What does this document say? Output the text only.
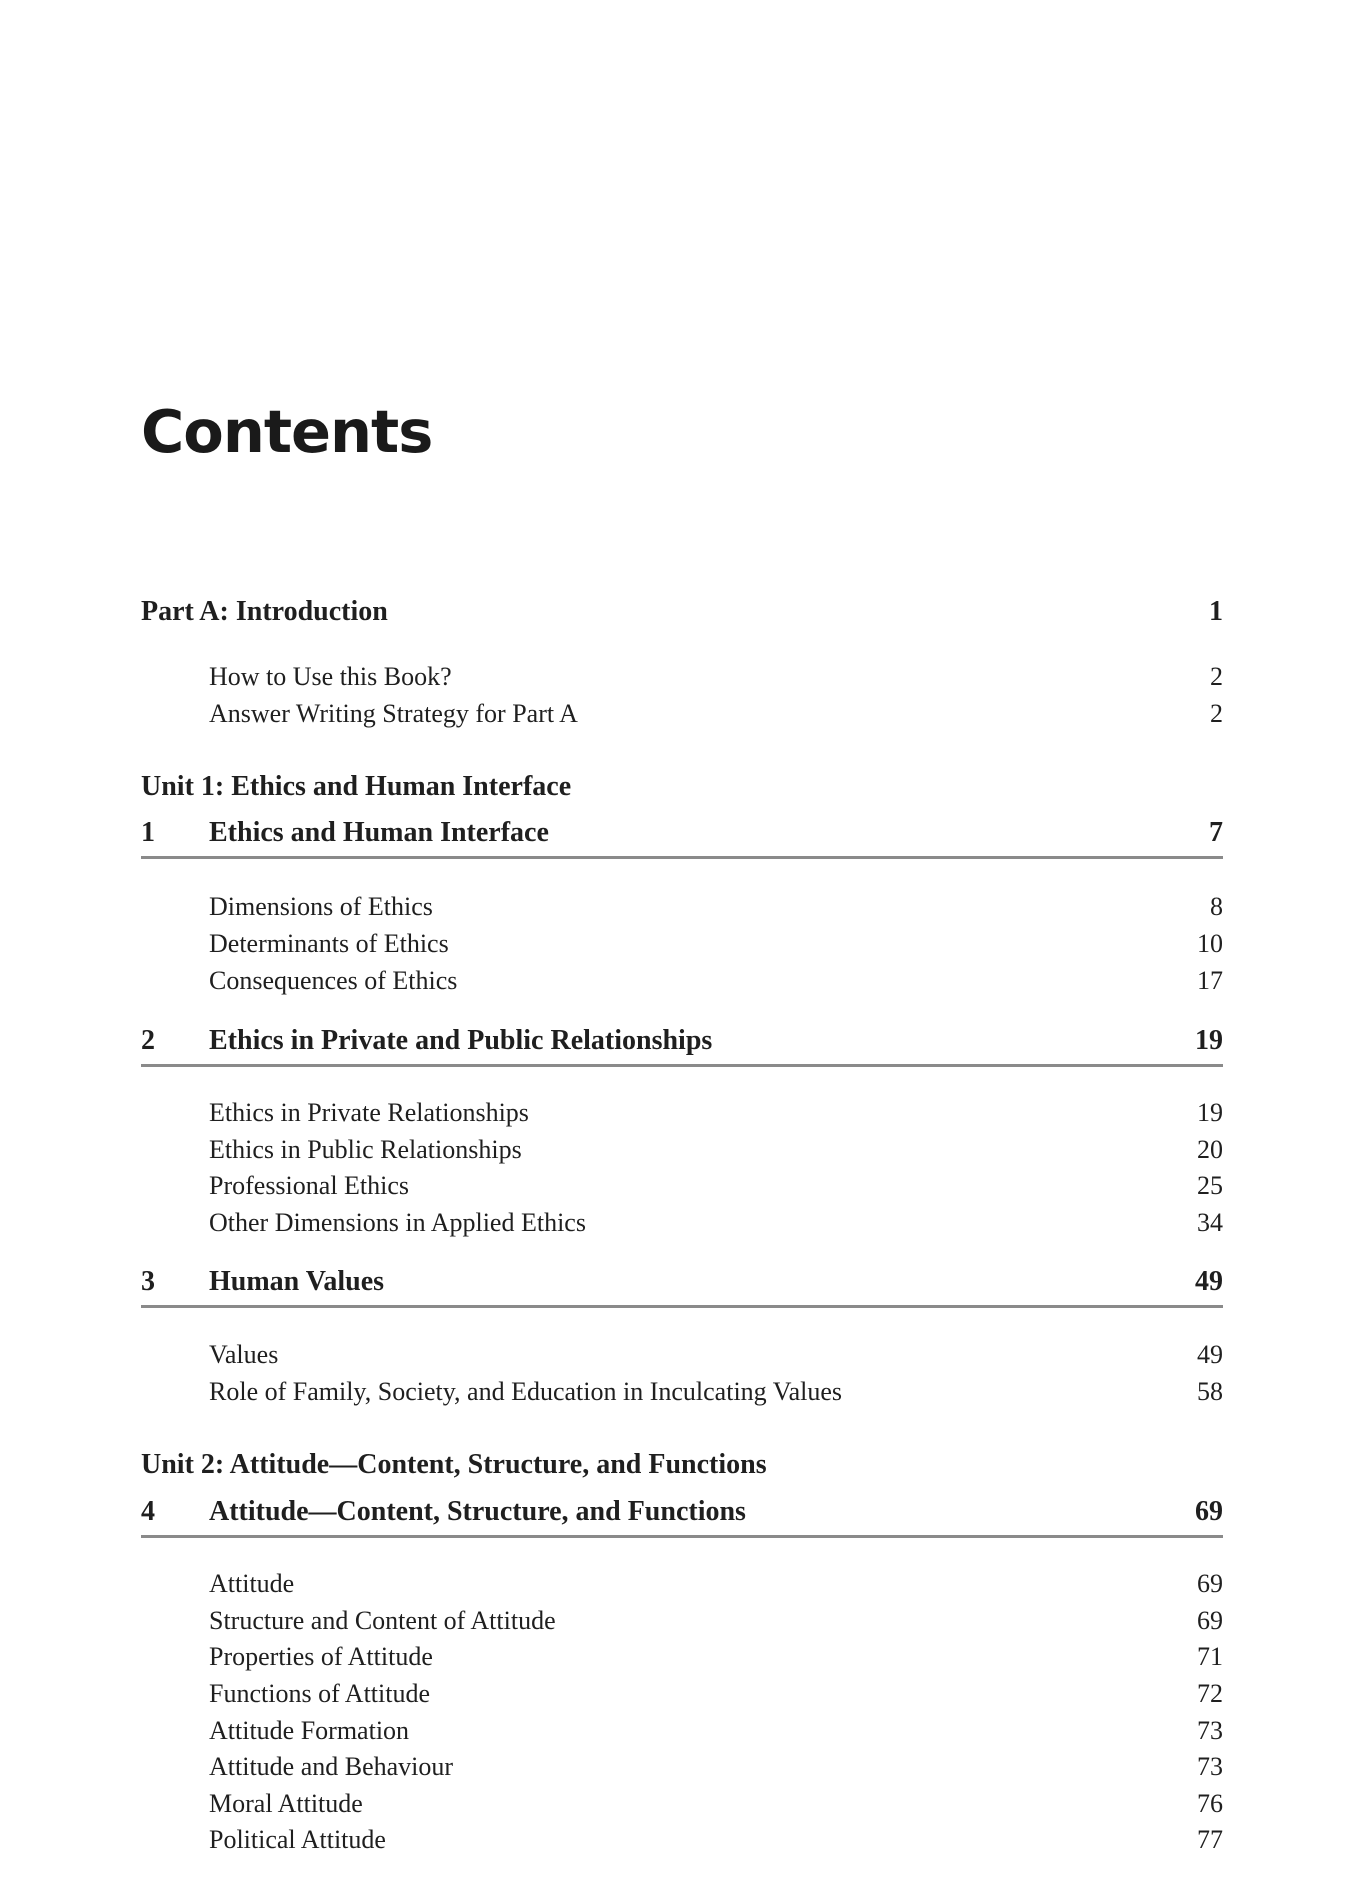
Contents
Part A: Introduction	1
How to Use this Book?	2
Answer Writing Strategy for Part A	2
Unit 1: Ethics and Human Interface
1 Ethics and Human Interface	7
Dimensions of Ethics	8
Determinants of Ethics	10
Consequences of Ethics	17
2 Ethics in Private and Public Relationships	19
Ethics in Private Relationships	19
Ethics in Public Relationships	20
Professional Ethics	25
Other Dimensions in Applied Ethics	34
3 Human Values	49
Values	49
Role of Family, Society, and Education in Inculcating Values	58
Unit 2: Attitude—Content, Structure, and Functions
4 Attitude—Content, Structure, and Functions	69
Attitude	69
Structure and Content of Attitude	69
Properties of Attitude	71
Functions of Attitude	72
Attitude Formation	73
Attitude and Behaviour	73
Moral Attitude	76
Political Attitude	77
